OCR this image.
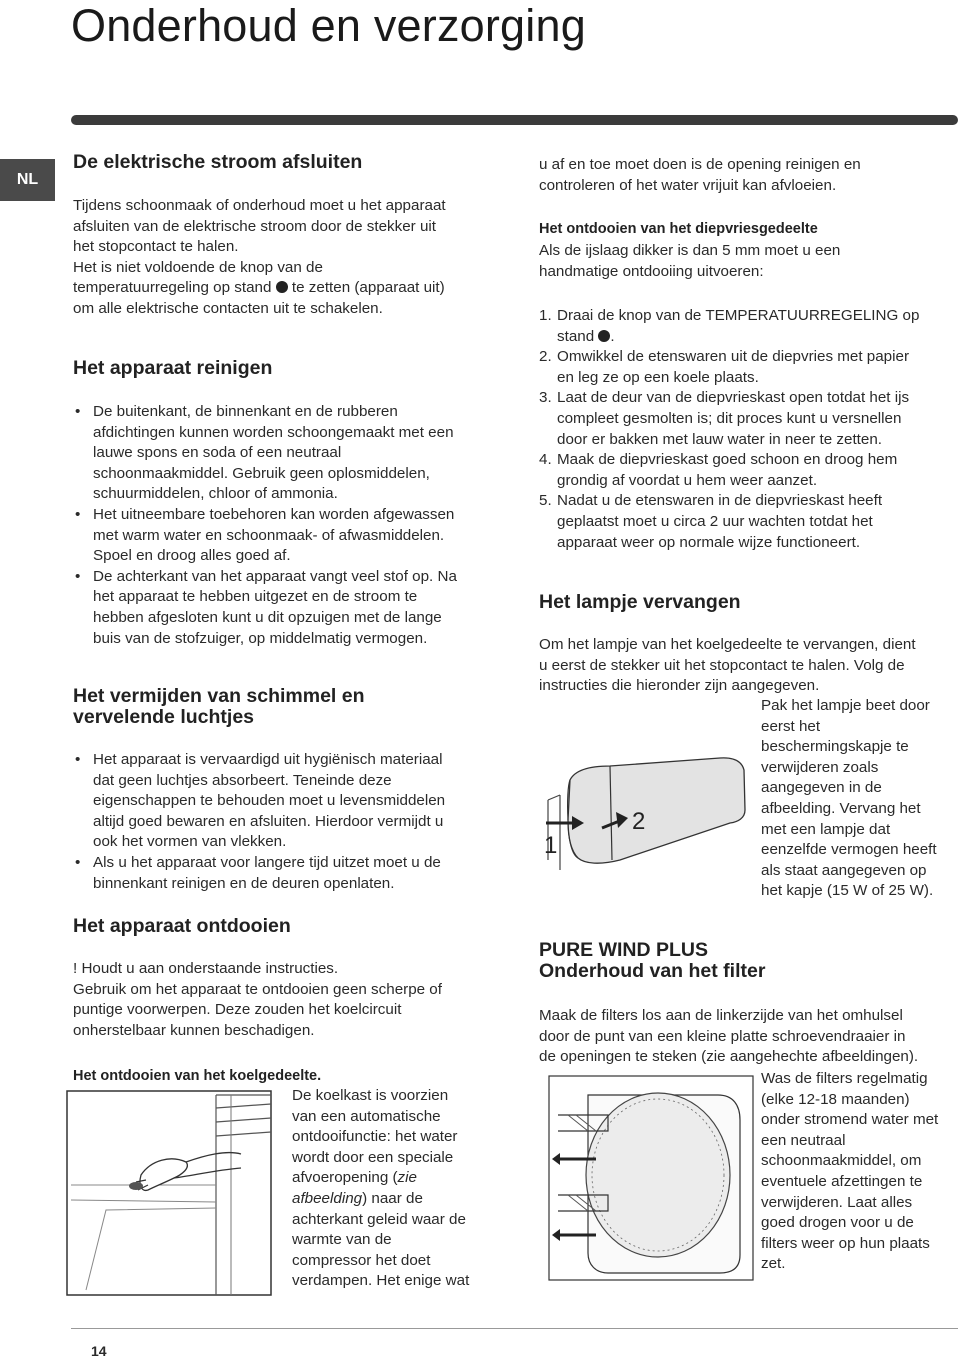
Onderhoud en verzorging
NL
De elektrische stroom afsluiten
Tijdens schoonmaak of onderhoud moet u het apparaat
afsluiten van de elektrische stroom door de stekker uit
het stopcontact te halen.
Het is niet voldoende de knop van de
temperatuurregeling op stand te zetten (apparaat uit)
om alle elektrische contacten uit te schakelen.
Het apparaat reinigen
• De buitenkant, de binnenkant en de rubberen
afdichtingen kunnen worden schoongemaakt met een
lauwe spons en soda of een neutraal
schoonmaakmiddel. Gebruik geen oplosmiddelen,
schuurmiddelen, chloor of ammonia.
• Het uitneembare toebehoren kan worden afgewassen
met warm water en schoonmaak- of afwasmiddelen.
Spoel en droog alles goed af.
• De achterkant van het apparaat vangt veel stof op. Na
het apparaat te hebben uitgezet en de stroom te
hebben afgesloten kunt u dit opzuigen met de lange
buis van de stofzuiger, op middelmatig vermogen.
Het vermijden van schimmel en
vervelende luchtjes
• Het apparaat is vervaardigd uit hygiënisch materiaal
dat geen luchtjes absorbeert. Teneinde deze
eigenschappen te behouden moet u levensmiddelen
altijd goed bewaren en afsluiten. Hierdoor vermijdt u
ook het vormen van vlekken.
• Als u het apparaat voor langere tijd uitzet moet u de
binnenkant reinigen en de deuren openlaten.
Het apparaat ontdooien
! Houdt u aan onderstaande instructies.
Gebruik om het apparaat te ontdooien geen scherpe of
puntige voorwerpen. Deze zouden het koelcircuit
onherstelbaar kunnen beschadigen.
Het ontdooien van het koelgedeelte.
De koelkast is voorzien
van een automatische
ontdooifunctie: het water
wordt door een speciale
afvoeropening (zie
afbeelding) naar de
achterkant geleid waar de
warmte van de
compressor het doet
verdampen. Het enige wat
u af en toe moet doen is de opening reinigen en
controleren of het water vrijuit kan afvloeien.
Het ontdooien van het diepvriesgedeelte
Als de ijslaag dikker is dan 5 mm moet u een
handmatige ontdooiing uitvoeren:
1. Draai de knop van de TEMPERATUURREGELING op
stand .
2. Omwikkel de etenswaren uit de diepvries met papier
en leg ze op een koele plaats.
3. Laat de deur van de diepvrieskast open totdat het ijs
compleet gesmolten is; dit proces kunt u versnellen
door er bakken met lauw water in neer te zetten.
4. Maak de diepvrieskast goed schoon en droog hem
grondig af voordat u hem weer aanzet.
5. Nadat u de etenswaren in de diepvrieskast heeft
geplaatst moet u circa 2 uur wachten totdat het
apparaat weer op normale wijze functioneert.
Het lampje vervangen
Om het lampje van het koelgedeelte te vervangen, dient
u eerst de stekker uit het stopcontact te halen. Volg de
instructies die hieronder zijn aangegeven.
1
2
Pak het lampje beet door
eerst het
beschermingskapje te
verwijderen zoals
aangegeven in de
afbeelding. Vervang het
met een lampje dat
eenzelfde vermogen heeft
als staat aangegeven op
het kapje (15 W of 25 W).
PURE WIND PLUS
Onderhoud van het filter
Maak de filters los aan de linkerzijde van het omhulsel
door de punt van een kleine platte schroevendraaier in
de openingen te steken (zie aangehechte afbeeldingen).
Was de filters regelmatig
(elke 12-18 maanden)
onder stromend water met
een neutraal
schoonmaakmiddel, om
eventuele afzettingen te
verwijderen. Laat alles
goed drogen voor u de
filters weer op hun plaats
zet.
14
